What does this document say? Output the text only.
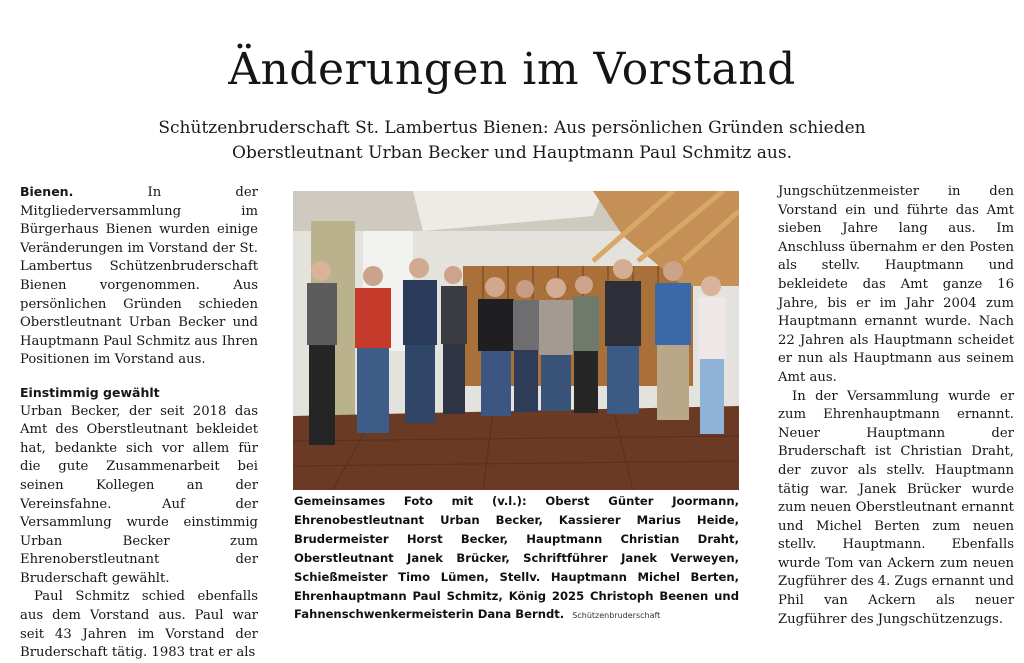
Änderungen im Vorstand
Schützenbruderschaft St. Lambertus Bienen: Aus persönlichen Gründen schieden
Oberstleutnant Urban Becker und Hauptmann Paul Schmitz aus.

Bienen.	In der Mitgliederversammlung im Bürgerhaus Bienen wurden einige Veränderungen im Vorstand der St. Lambertus Schützenbruderschaft Bienen vorgenommen. Aus persönlichen Gründen schieden Oberstleutnant Urban Becker und Hauptmann Paul Schmitz aus Ihren Positionen im Vorstand aus.

Einstimmig gewählt

Urban Becker, der seit 2018 das Amt des Oberstleutnant bekleidet hat, bedankte sich vor allem für die gute Zusammenarbeit bei seinen Kollegen an der Vereinsfahne. Auf der Versammlung wurde einstimmig Urban Becker zum Ehrenoberstleutnant der Bruderschaft gewählt.

Paul Schmitz schied ebenfalls aus dem Vorstand aus. Paul war seit 43 Jahren im Vorstand der Bruderschaft tätig. 1983 trat er als

Gemeinsames Foto mit (v.l.): Oberst Günter Joormann, Ehrenobestleutnant Urban Becker, Kassierer Marius Heide, Brudermeister Horst Becker, Hauptmann Christian Draht, Oberstleutnant Janek Brücker, Schriftführer Janek Verweyen, Schießmeister Timo Lümen, Stellv. Hauptmann Michel Berten, Ehrenhauptmann Paul Schmitz, König 2025 Christoph Beenen und Fahnenschwenkermeisterin Dana Berndt. Schützenbruderschaft

Jungschützenmeister in den Vorstand ein und führte das Amt sieben Jahre lang aus. Im Anschluss übernahm er den Posten als stellv. Hauptmann und bekleidete das Amt ganze 16 Jahre, bis er im Jahr 2004 zum Hauptmann ernannt wurde. Nach 22 Jahren als Hauptmann scheidet er nun als Hauptmann aus seinem Amt aus.

In der Versammlung wurde er zum Ehrenhauptmann ernannt. Neuer Hauptmann der Bruderschaft ist Christian Draht, der zuvor als stellv. Hauptmann tätig war. Janek Brücker wurde zum neuen Oberstleutnant ernannt und Michel Berten zum neuen stellv. Hauptmann. Ebenfalls wurde Tom van Ackern zum neuen Zugführer des 4. Zugs ernannt und Phil van Ackern als neuer Zugführer des Jungschützenzugs.
